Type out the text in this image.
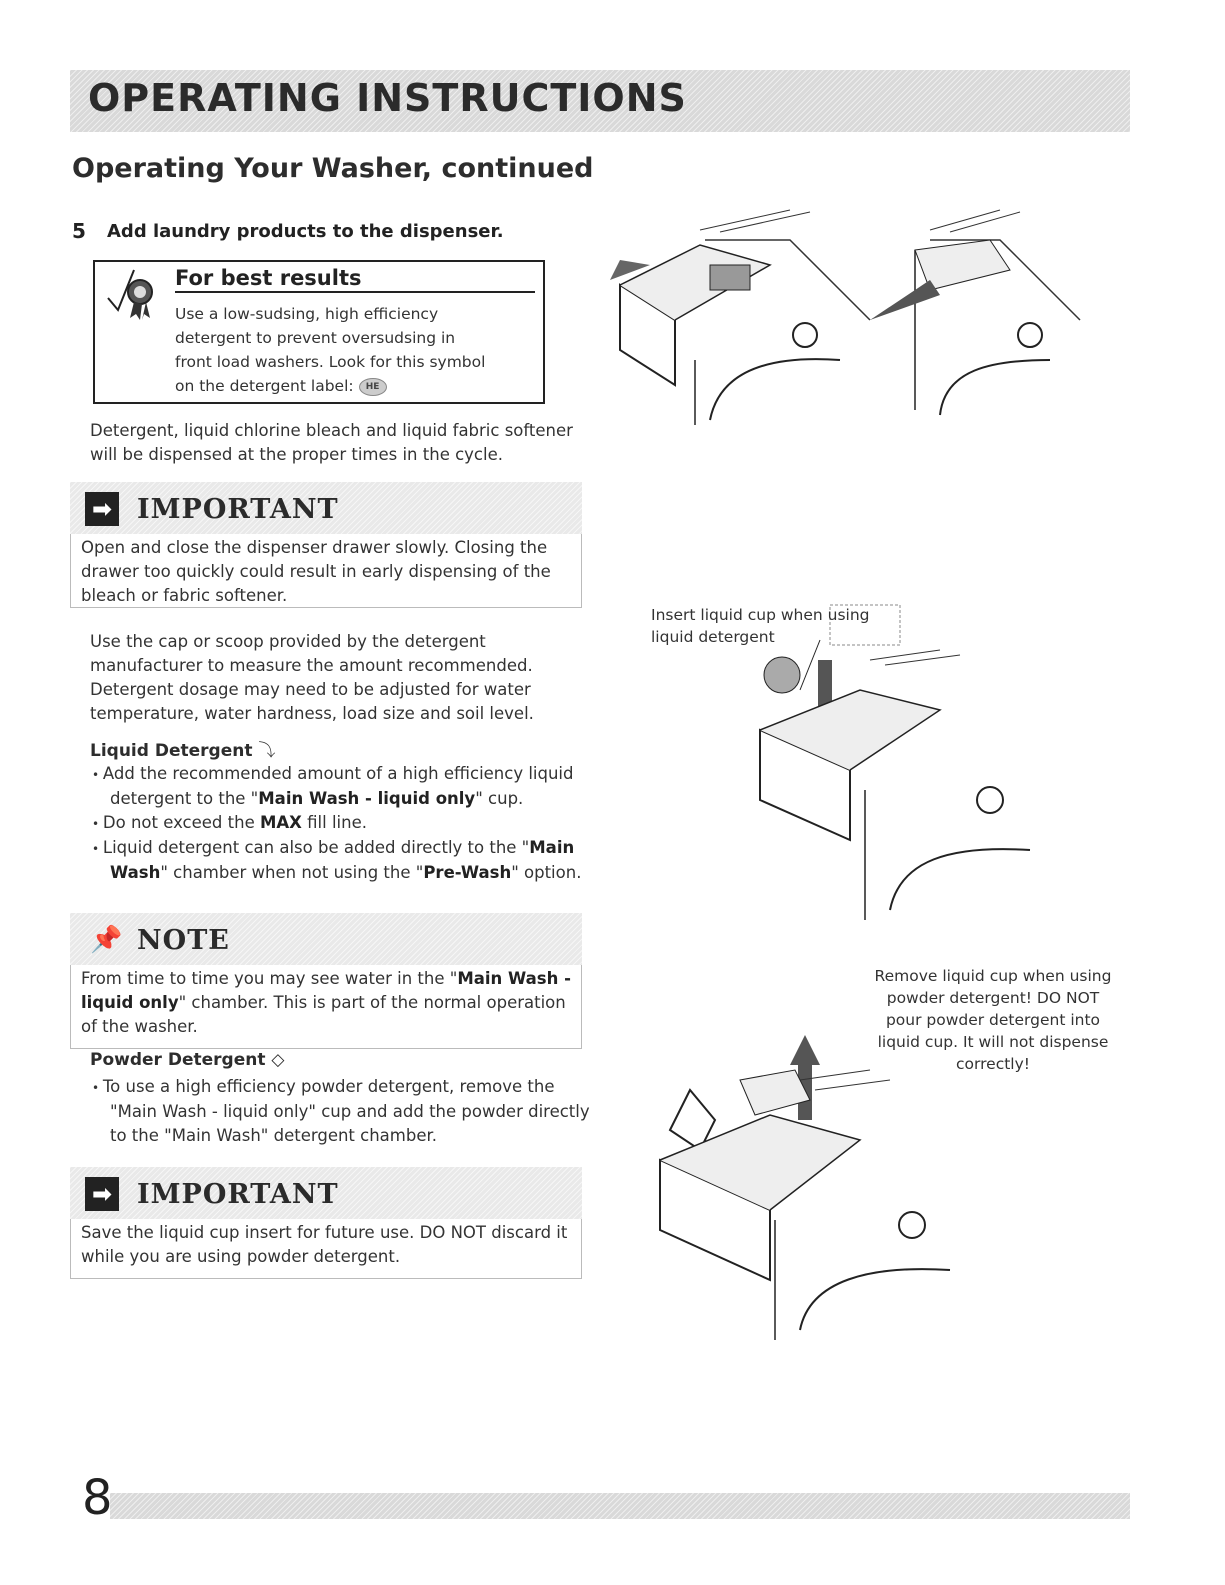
OPERATING INSTRUCTIONS
Operating Your Washer, continued
5 Add laundry products to the dispenser.
For best results
Use a low-sudsing, high efficiency
detergent to prevent oversudsing in
front load washers. Look for this symbol
on the detergent label: HE
Detergent, liquid chlorine bleach and liquid fabric softener will be dispensed at the proper times in the cycle.
➡ IMPORTANT
Open and close the dispenser drawer slowly. Closing the drawer too quickly could result in early dispensing of the bleach or fabric softener.
Use the cap or scoop provided by the detergent manufacturer to measure the amount recommended. Detergent dosage may need to be adjusted for water temperature, water hardness, load size and soil level.
Liquid Detergent ⤵
• Add the recommended amount of a high efficiency liquid detergent to the "Main Wash - liquid only" cup.
• Do not exceed the MAX fill line.
• Liquid detergent can also be added directly to the "Main Wash" chamber when not using the "Pre-Wash" option.
📌 NOTE
From time to time you may see water in the "Main Wash - liquid only" chamber. This is part of the normal operation of the washer.
Powder Detergent ◇
• To use a high efficiency powder detergent, remove the "Main Wash - liquid only" cup and add the powder directly to the "Main Wash" detergent chamber.
➡ IMPORTANT
Save the liquid cup insert for future use. DO NOT discard it while you are using powder detergent.
Insert liquid cup when using liquid detergent
Remove liquid cup when using powder detergent! DO NOT pour powder detergent into liquid cup. It will not dispense correctly!
8
